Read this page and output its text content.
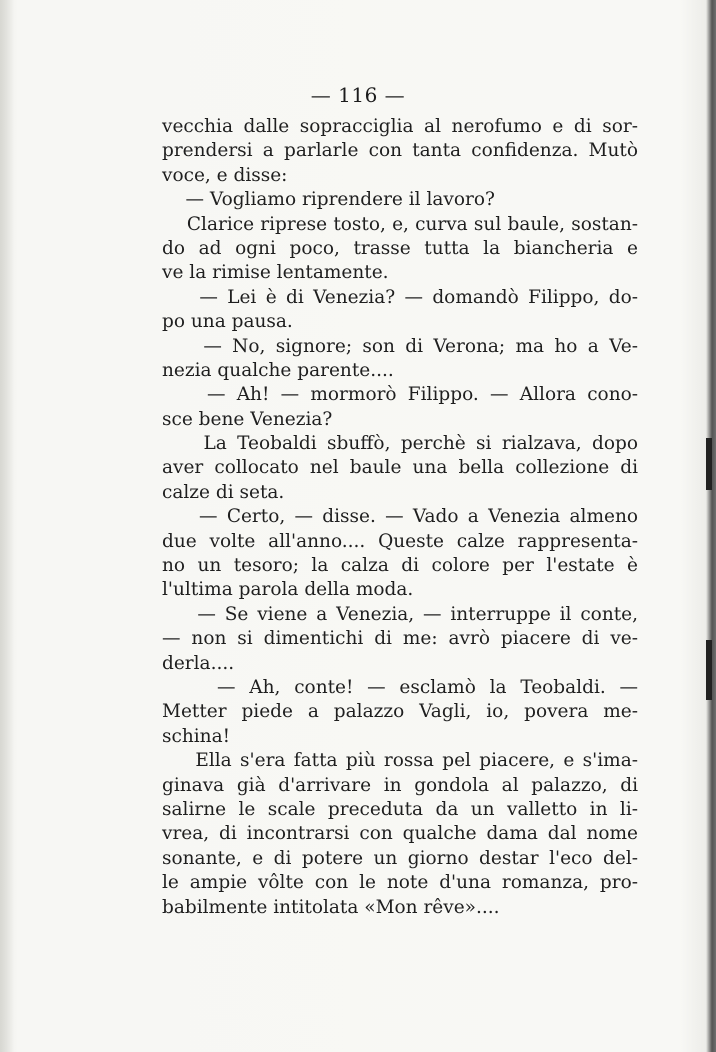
— 116 —
vecchia dalle sopracciglia al nerofumo e di sor-
prendersi a parlarle con tanta confidenza. Mutò
voce, e disse:
— Vogliamo riprendere il lavoro?
Clarice riprese tosto, e, curva sul baule, sostan-
do ad ogni poco, trasse tutta la biancheria e
ve la rimise lentamente.
— Lei è di Venezia? — domandò Filippo, do-
po una pausa.
— No, signore; son di Verona; ma ho a Ve-
nezia qualche parente....
— Ah! — mormorò Filippo. — Allora cono-
sce bene Venezia?
La Teobaldi sbuffò, perchè si rialzava, dopo
aver collocato nel baule una bella collezione di
calze di seta.
— Certo, — disse. — Vado a Venezia almeno
due volte all'anno.... Queste calze rappresenta-
no un tesoro; la calza di colore per l'estate è
l'ultima parola della moda.
— Se viene a Venezia, — interruppe il conte,
— non si dimentichi di me: avrò piacere di ve-
derla....
— Ah, conte! — esclamò la Teobaldi. —
Metter piede a palazzo Vagli, io, povera me-
schina!
Ella s'era fatta più rossa pel piacere, e s'ima-
ginava già d'arrivare in gondola al palazzo, di
salirne le scale preceduta da un valletto in li-
vrea, di incontrarsi con qualche dama dal nome
sonante, e di potere un giorno destar l'eco del-
le ampie vôlte con le note d'una romanza, pro-
babilmente intitolata «Mon rêve»....
